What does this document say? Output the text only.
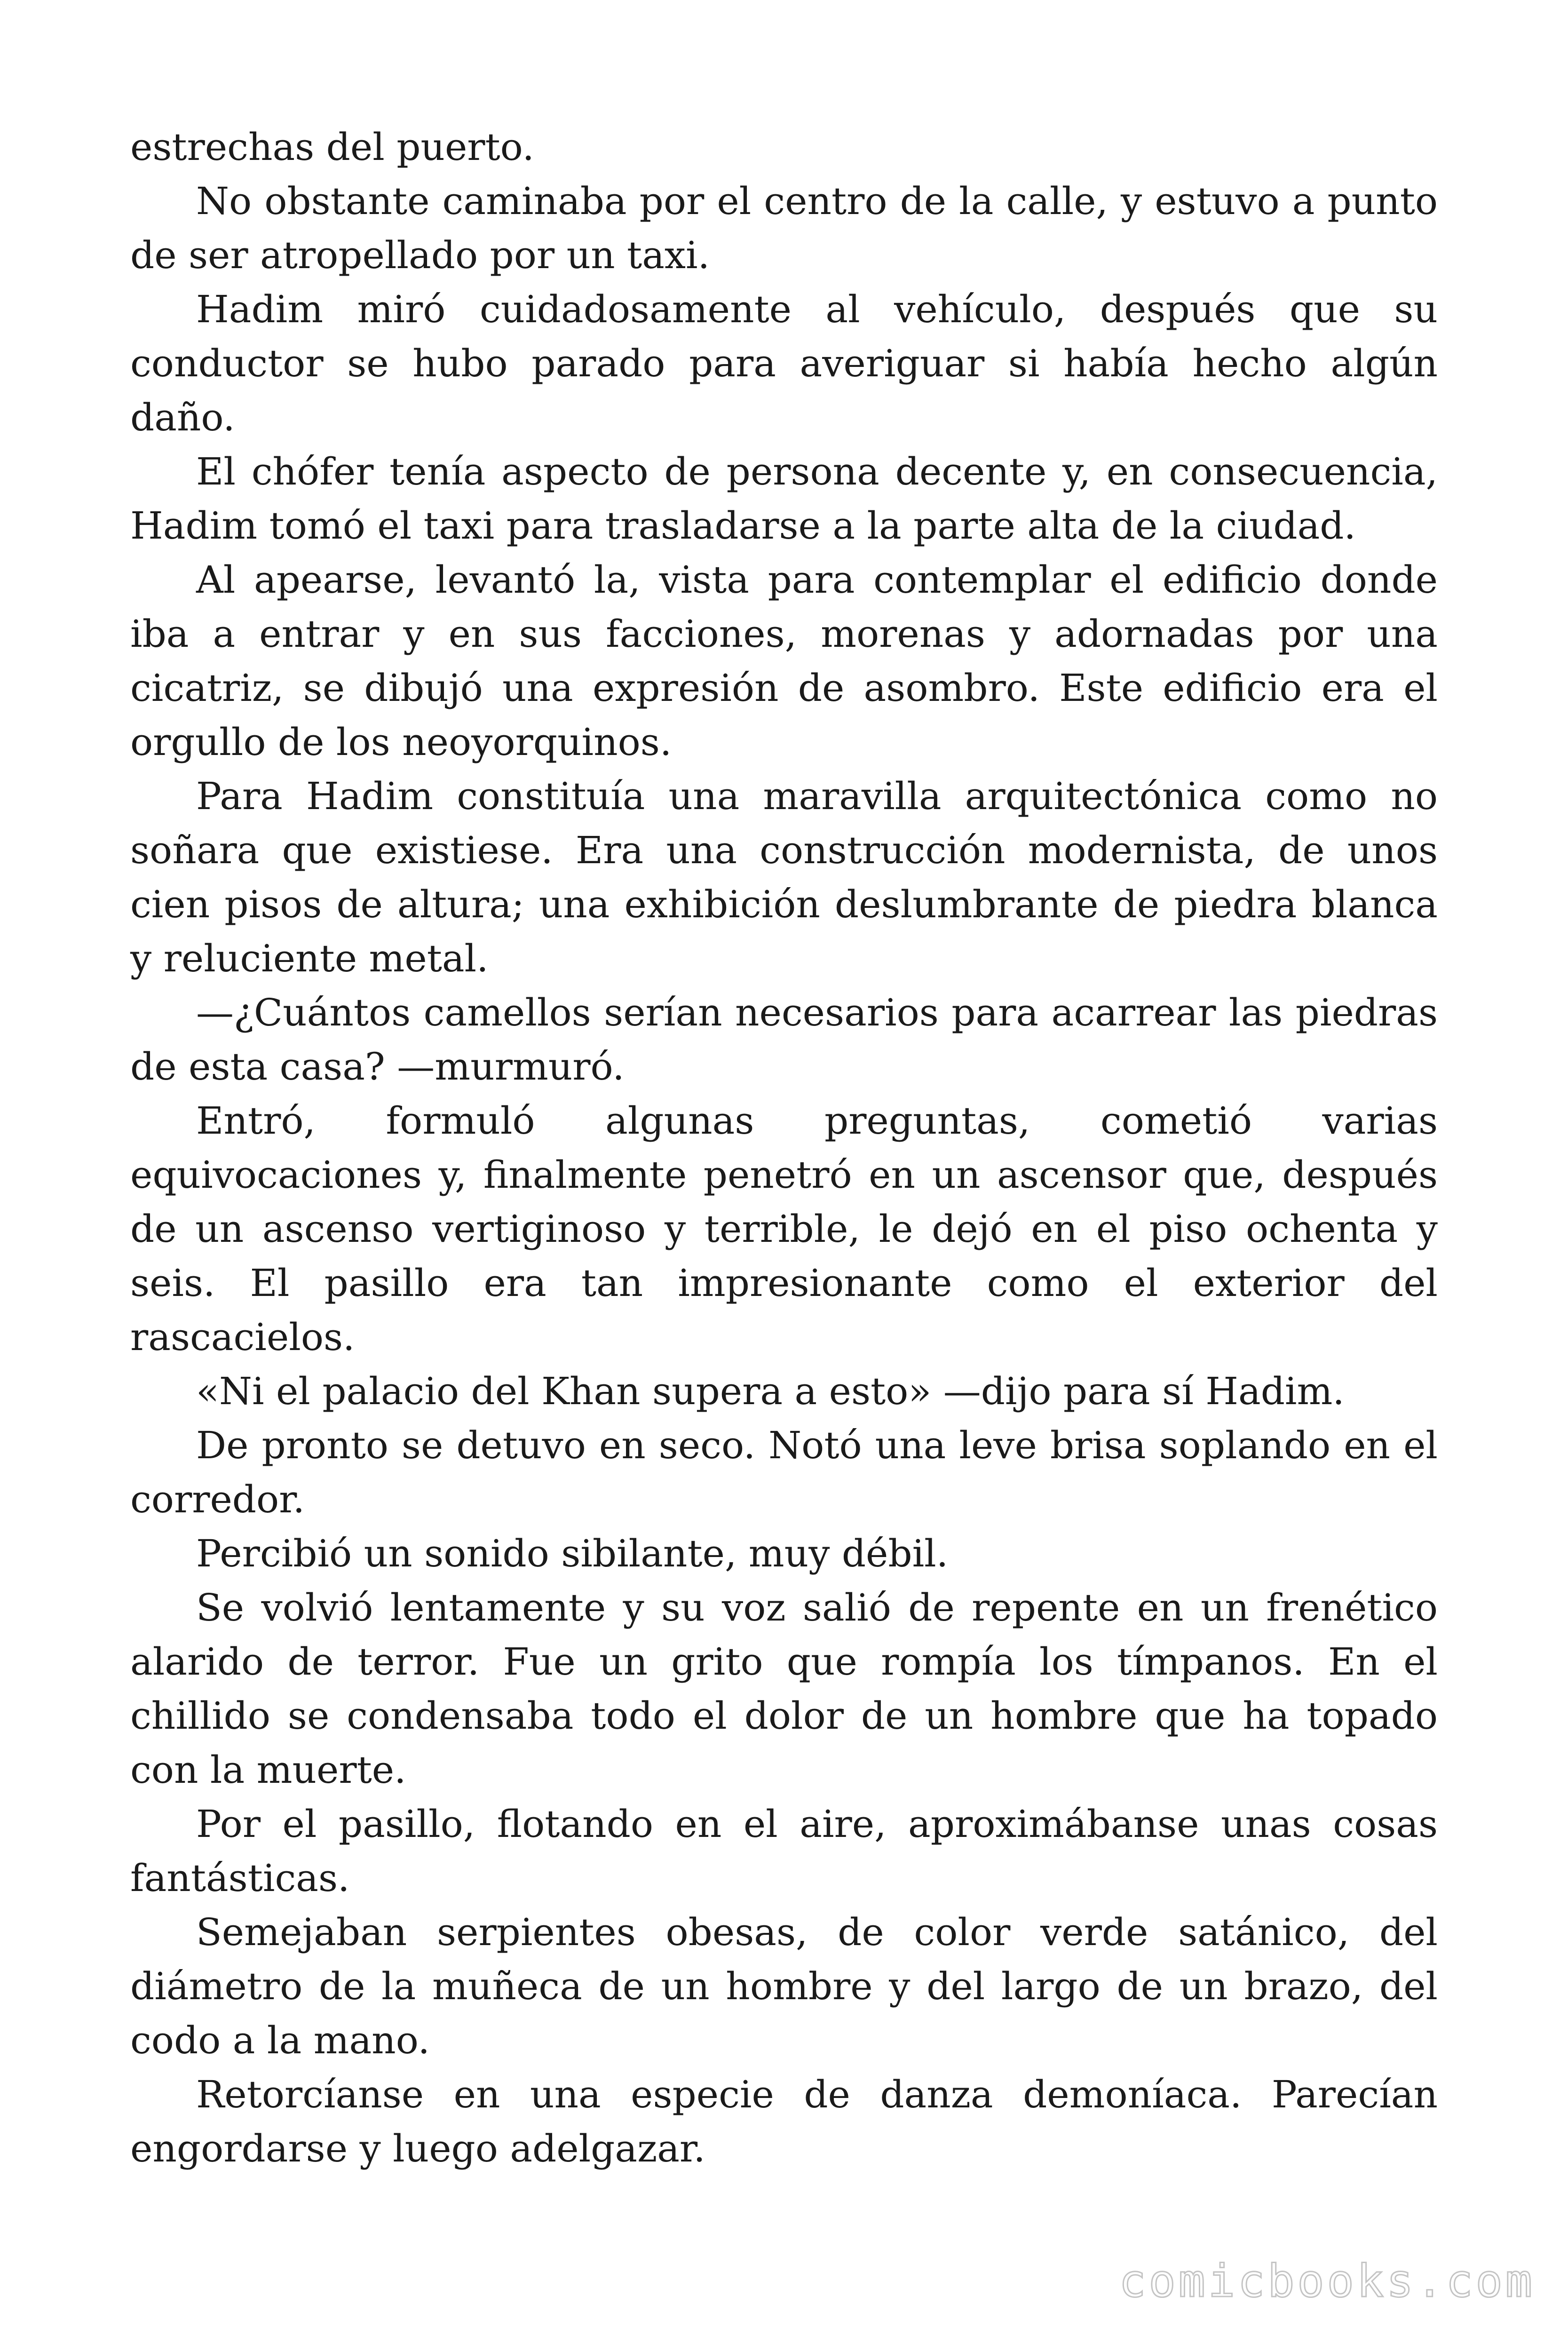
estrechas del puerto.

No obstante caminaba por el centro de la calle, y estuvo a punto de ser atropellado por un taxi.

Hadim miró cuidadosamente al vehículo, después que su conductor se hubo parado para averiguar si había hecho algún daño.

El chófer tenía aspecto de persona decente y, en consecuencia, Hadim tomó el taxi para trasladarse a la parte alta de la ciudad.

Al apearse, levantó la, vista para contemplar el edificio donde iba a entrar y en sus facciones, morenas y adornadas por una cicatriz, se dibujó una expresión de asombro. Este edificio era el orgullo de los neoyorquinos.

Para Hadim constituía una maravilla arquitectónica como no soñara que existiese. Era una construcción modernista, de unos cien pisos de altura; una exhibición deslumbrante de piedra blanca y reluciente metal.

—¿Cuántos camellos serían necesarios para acarrear las piedras de esta casa? —murmuró.

Entró, formuló algunas preguntas, cometió varias equivocaciones y, finalmente penetró en un ascensor que, después de un ascenso vertiginoso y terrible, le dejó en el piso ochenta y seis. El pasillo era tan impresionante como el exterior del rascacielos.

«Ni el palacio del Khan supera a esto» —dijo para sí Hadim.

De pronto se detuvo en seco. Notó una leve brisa soplando en el corredor.

Percibió un sonido sibilante, muy débil.

Se volvió lentamente y su voz salió de repente en un frenético alarido de terror. Fue un grito que rompía los tímpanos. En el chillido se condensaba todo el dolor de un hombre que ha topado con la muerte.

Por el pasillo, flotando en el aire, aproximábanse unas cosas fantásticas.

Semejaban serpientes obesas, de color verde satánico, del diámetro de la muñeca de un hombre y del largo de un brazo, del codo a la mano.

Retorcíanse en una especie de danza demoníaca. Parecían engordarse y luego adelgazar.

comicbooks.com
